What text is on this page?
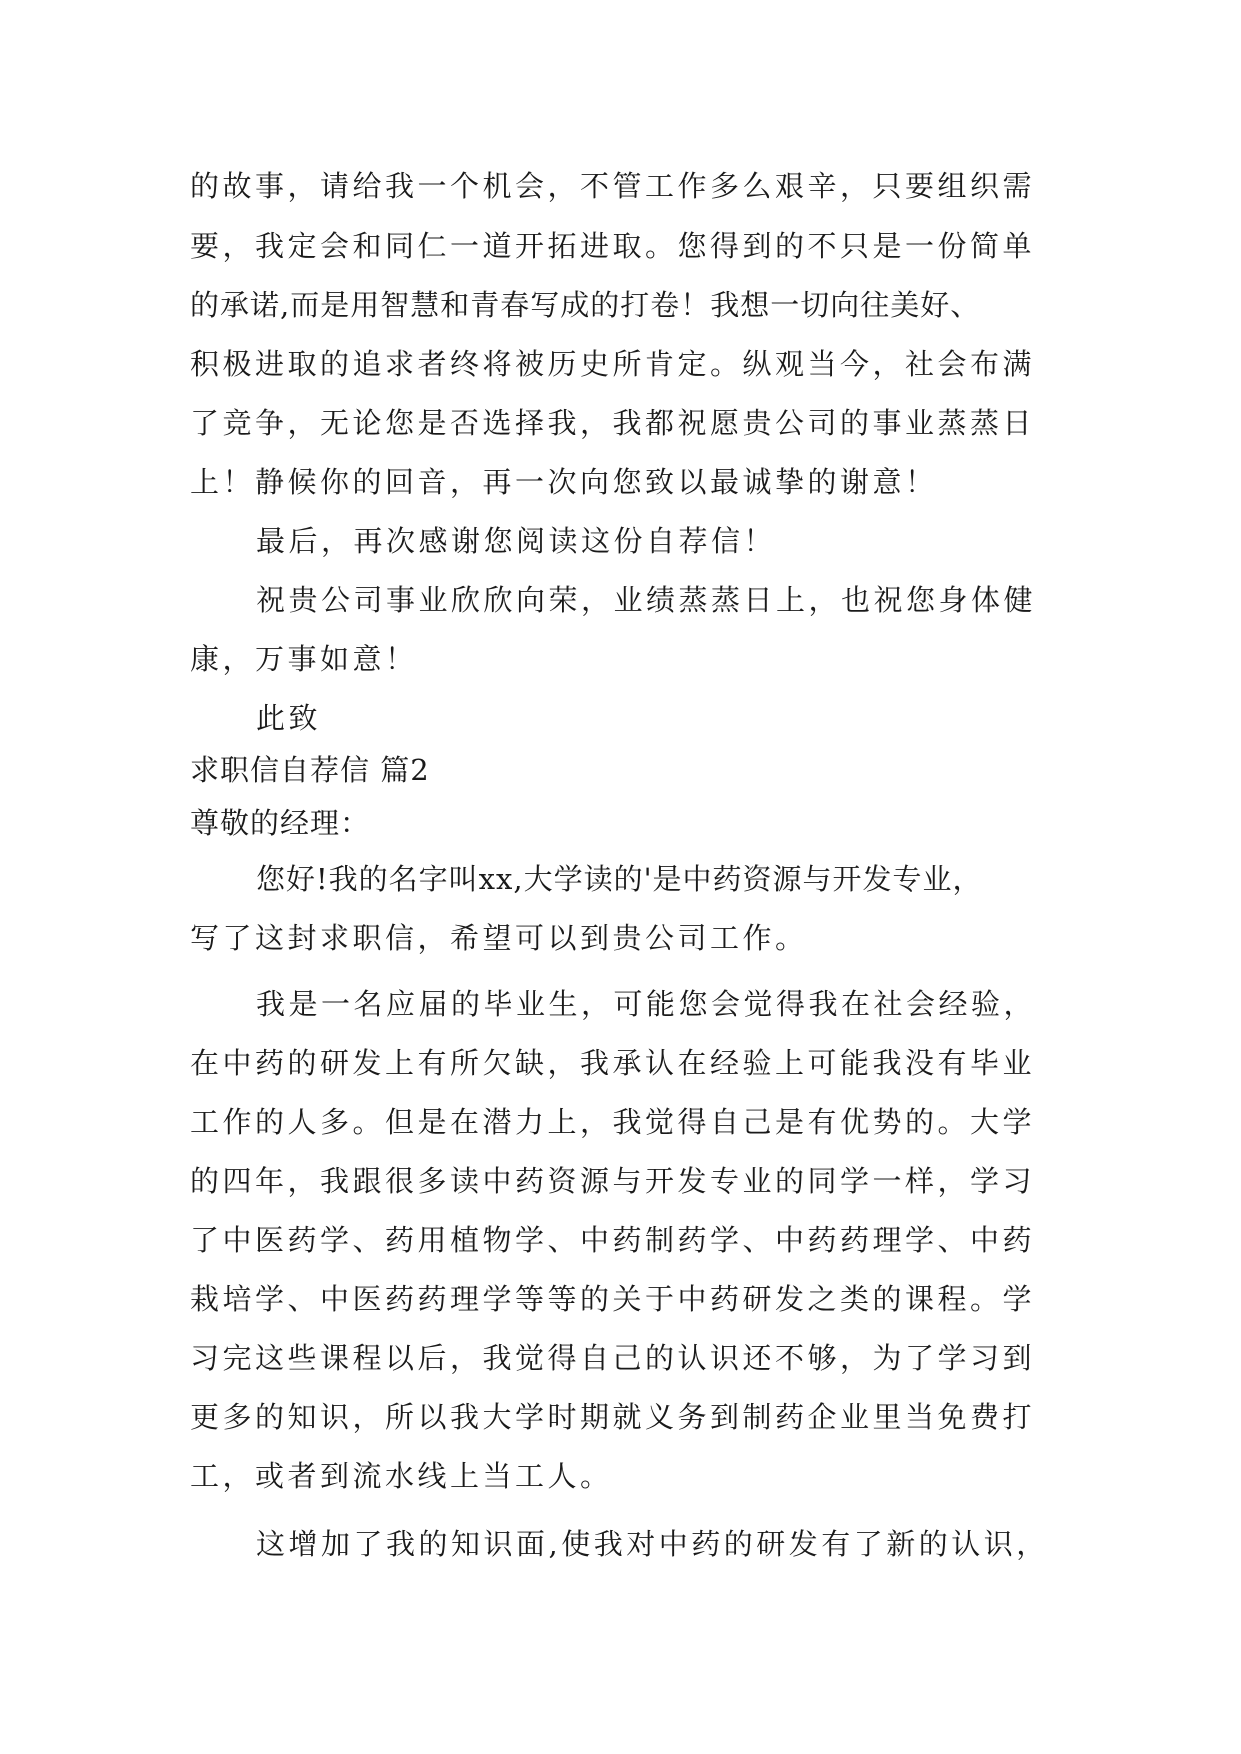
的故事，请给我一个机会，不管工作多么艰辛，只要组织需
要，我定会和同仁一道开拓进取。您得到的不只是一份简单
的承诺,而是用智慧和青春写成的打卷！我想一切向往美好、
积极进取的追求者终将被历史所肯定。纵观当今，社会布满
了竞争，无论您是否选择我，我都祝愿贵公司的事业蒸蒸日
上！静候你的回音，再一次向您致以最诚挚的谢意！
最后，再次感谢您阅读这份自荐信！
祝贵公司事业欣欣向荣，业绩蒸蒸日上，也祝您身体健
康，万事如意！
此致
求职信自荐信 篇2
尊敬的经理：
您好!我的名字叫xx,大学读的'是中药资源与开发专业，
写了这封求职信，希望可以到贵公司工作。
我是一名应届的毕业生，可能您会觉得我在社会经验，
在中药的研发上有所欠缺，我承认在经验上可能我没有毕业
工作的人多。但是在潜力上，我觉得自己是有优势的。大学
的四年，我跟很多读中药资源与开发专业的同学一样，学习
了中医药学、药用植物学、中药制药学、中药药理学、中药
栽培学、中医药药理学等等的关于中药研发之类的课程。学
习完这些课程以后，我觉得自己的认识还不够，为了学习到
更多的知识，所以我大学时期就义务到制药企业里当免费打
工，或者到流水线上当工人。
这增加了我的知识面,使我对中药的研发有了新的认识，
